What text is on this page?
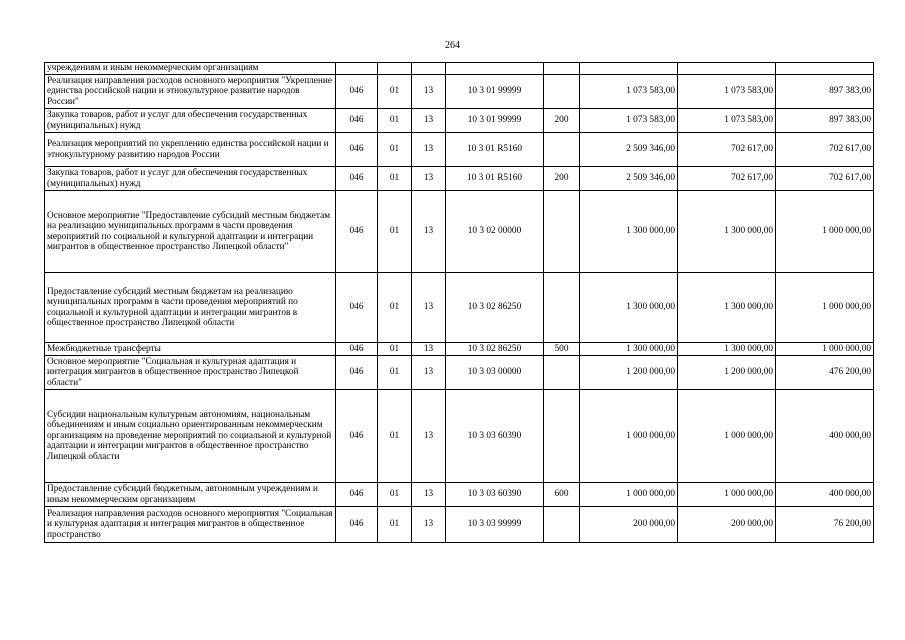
264
учреждениям и иным некоммерческим организациям								
Реализация направления расходов основного мероприятия "Укрепление единства российской нации и этнокультурное развитие народов России"	046	01	13	10 3 01 99999		1 073 583,00	1 073 583,00	897 383,00
Закупка товаров, работ и услуг для обеспечения государственных (муниципальных) нужд	046	01	13	10 3 01 99999	200	1 073 583,00	1 073 583,00	897 383,00
Реализация мероприятий по укреплению единства российской нации и этнокультурному развитию народов России	046	01	13	10 3 01 R5160		2 509 346,00	702 617,00	702 617,00
Закупка товаров, работ и услуг для обеспечения государственных (муниципальных) нужд	046	01	13	10 3 01 R5160	200	2 509 346,00	702 617,00	702 617,00
Основное мероприятие "Предоставление субсидий местным бюджетам на реализацию муниципальных программ в части проведения мероприятий по социальной и культурной адаптации и интеграции мигрантов в общественное пространство Липецкой области"	046	01	13	10 3 02 00000		1 300 000,00	1 300 000,00	1 000 000,00
Предоставление субсидий местным бюджетам на реализацию муниципальных программ в части проведения мероприятий по социальной и культурной адаптации и интеграции мигрантов в общественное пространство Липецкой области	046	01	13	10 3 02 86250		1 300 000,00	1 300 000,00	1 000 000,00
Межбюджетные трансферты	046	01	13	10 3 02 86250	500	1 300 000,00	1 300 000,00	1 000 000,00
Основное мероприятие "Социальная и культурная адаптация и интеграция мигрантов в общественное пространство Липецкой области"	046	01	13	10 3 03 00000		1 200 000,00	1 200 000,00	476 200,00
Субсидии национальным культурным автономиям, национальным объединениям и иным социально ориентированным некоммерческим организациям на проведение мероприятий по социальной и культурной адаптации и интеграции мигрантов в общественное пространство Липецкой области	046	01	13	10 3 03 60390		1 000 000,00	1 000 000,00	400 000,00
Предоставление субсидий бюджетным, автономным учреждениям и иным некоммерческим организациям	046	01	13	10 3 03 60390	600	1 000 000,00	1 000 000,00	400 000,00
Реализация направления расходов основного мероприятия "Социальная и культурная адаптация и интеграция мигрантов в общественное пространство	046	01	13	10 3 03 99999		200 000,00	200 000,00	76 200,00
